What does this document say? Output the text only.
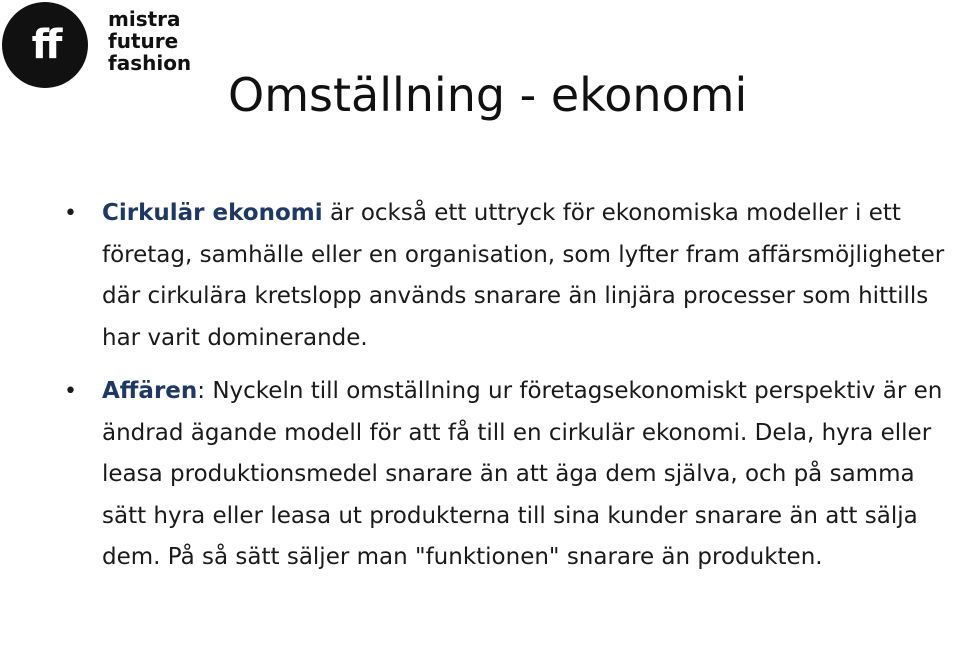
ff
mistra
future
fashion
Omställning - ekonomi
• Cirkulär ekonomi är också ett uttryck för ekonomiska modeller i ett företag, samhälle eller en organisation, som lyfter fram affärsmöjligheter där cirkulära kretslopp används snarare än linjära processer som hittills har varit dominerande.
• Affären: Nyckeln till omställning ur företagsekonomiskt perspektiv är en ändrad ägande modell för att få till en cirkulär ekonomi. Dela, hyra eller leasa produktionsmedel snarare än att äga dem själva, och på samma sätt hyra eller leasa ut produkterna till sina kunder snarare än att sälja dem. På så sätt säljer man "funktionen" snarare än produkten.
